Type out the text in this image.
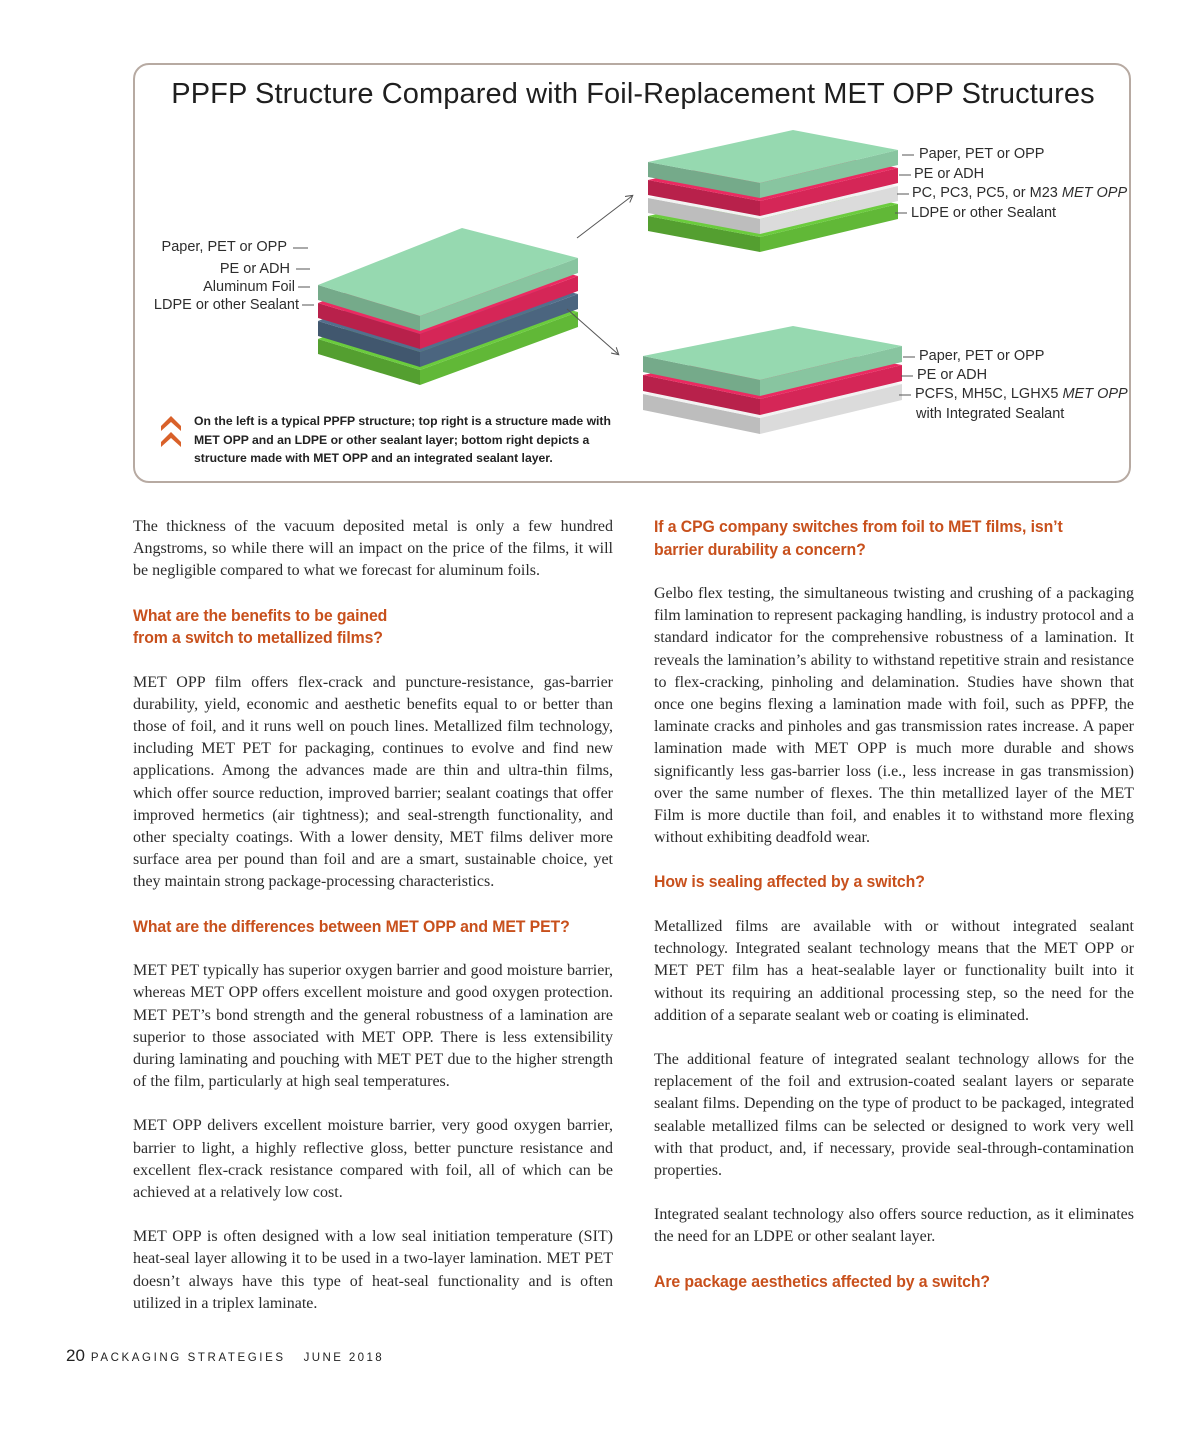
PPFP Structure Compared with Foil-Replacement MET OPP Structures
Paper, PET or OPP
PE or ADH
Aluminum Foil
LDPE or other Sealant
Paper, PET or OPP
PE or ADH
PC, PC3, PC5, or M23 MET OPP
LDPE or other Sealant
Paper, PET or OPP
PE or ADH
PCFS, MH5C, LGHX5 MET OPP
with Integrated Sealant
On the left is a typical PPFP structure; top right is a structure made with MET OPP and an LDPE or other sealant layer; bottom right depicts a structure made with MET OPP and an integrated sealant layer.

The thickness of the vacuum deposited metal is only a few hundred Angstroms, so while there will an impact on the price of the films, it will be negligible compared to what we forecast for aluminum foils.

What are the benefits to be gained from a switch to metallized films?

MET OPP film offers flex-crack and puncture-resistance, gas-barrier durability, yield, economic and aesthetic benefits equal to or better than those of foil, and it runs well on pouch lines. Metallized film technology, including MET PET for packaging, continues to evolve and find new applications. Among the advances made are thin and ultra-thin films, which offer source reduction, improved barrier; sealant coatings that offer improved hermetics (air tightness); and seal-strength functionality, and other specialty coatings. With a lower density, MET films deliver more surface area per pound than foil and are a smart, sustainable choice, yet they maintain strong package-processing characteristics.

What are the differences between MET OPP and MET PET?

MET PET typically has superior oxygen barrier and good moisture barrier, whereas MET OPP offers excellent moisture and good oxygen protection. MET PET’s bond strength and the general robustness of a lamination are superior to those associated with MET OPP. There is less extensibility during laminating and pouching with MET PET due to the higher strength of the film, particularly at high seal temperatures.

MET OPP delivers excellent moisture barrier, very good oxygen barrier, barrier to light, a highly reflective gloss, better puncture resistance and excellent flex-crack resistance compared with foil, all of which can be achieved at a relatively low cost.

MET OPP is often designed with a low seal initiation temperature (SIT) heat-seal layer allowing it to be used in a two-layer lamination. MET PET doesn’t always have this type of heat-seal functionality and is often utilized in a triplex laminate.

If a CPG company switches from foil to MET films, isn’t barrier durability a concern?

Gelbo flex testing, the simultaneous twisting and crushing of a packaging film lamination to represent packaging handling, is industry protocol and a standard indicator for the comprehensive robustness of a lamination. It reveals the lamination’s ability to withstand repetitive strain and resistance to flex-cracking, pinholing and delamination. Studies have shown that once one begins flexing a lamination made with foil, such as PPFP, the laminate cracks and pinholes and gas transmission rates increase. A paper lamination made with MET OPP is much more durable and shows significantly less gas-barrier loss (i.e., less increase in gas transmission) over the same number of flexes. The thin metallized layer of the MET Film is more ductile than foil, and enables it to withstand more flexing without exhibiting deadfold wear.

How is sealing affected by a switch?

Metallized films are available with or without integrated sealant technology. Integrated sealant technology means that the MET OPP or MET PET film has a heat-sealable layer or functionality built into it without its requiring an additional processing step, so the need for the addition of a separate sealant web or coating is eliminated.

The additional feature of integrated sealant technology allows for the replacement of the foil and extrusion-coated sealant layers or separate sealant films. Depending on the type of product to be packaged, integrated sealable metallized films can be selected or designed to work very well with that product, and, if necessary, provide seal-through-contamination properties.

Integrated sealant technology also offers source reduction, as it eliminates the need for an LDPE or other sealant layer.

Are package aesthetics affected by a switch?
20 PACKAGING STRATEGIES JUNE 2018
